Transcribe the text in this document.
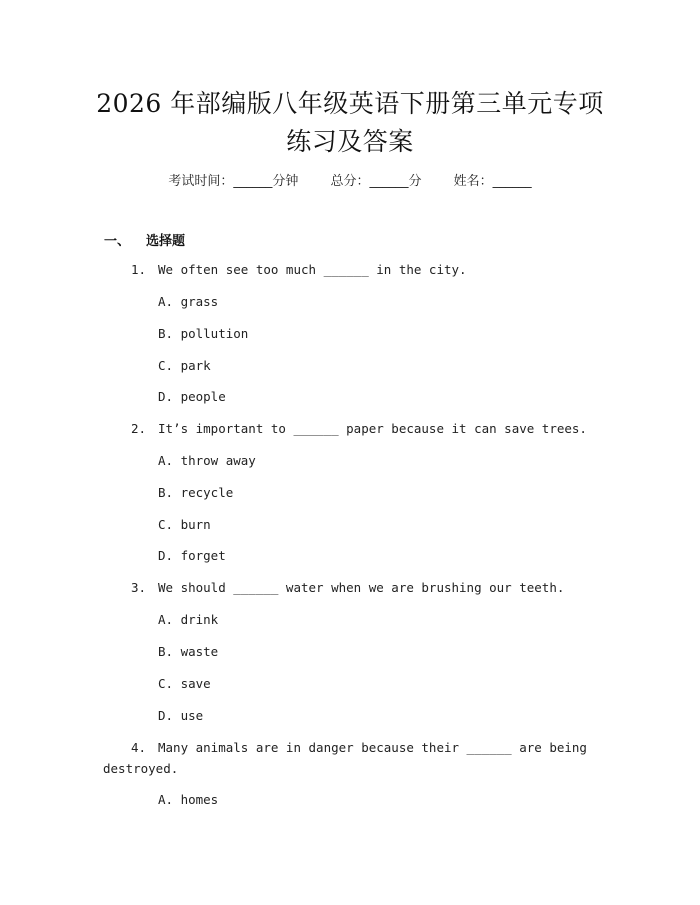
2026 年部编版八年级英语下册第三单元专项
练习及答案
考试时间：______分钟 总分：______分 姓名：______
一、 选择题
1. We often see too much ______ in the city.
A. grass
B. pollution
C. park
D. people
2. It’s important to ______ paper because it can save trees.
A. throw away
B. recycle
C. burn
D. forget
3. We should ______ water when we are brushing our teeth.
A. drink
B. waste
C. save
D. use
4. Many animals are in danger because their ______ are being
destroyed.
A. homes
